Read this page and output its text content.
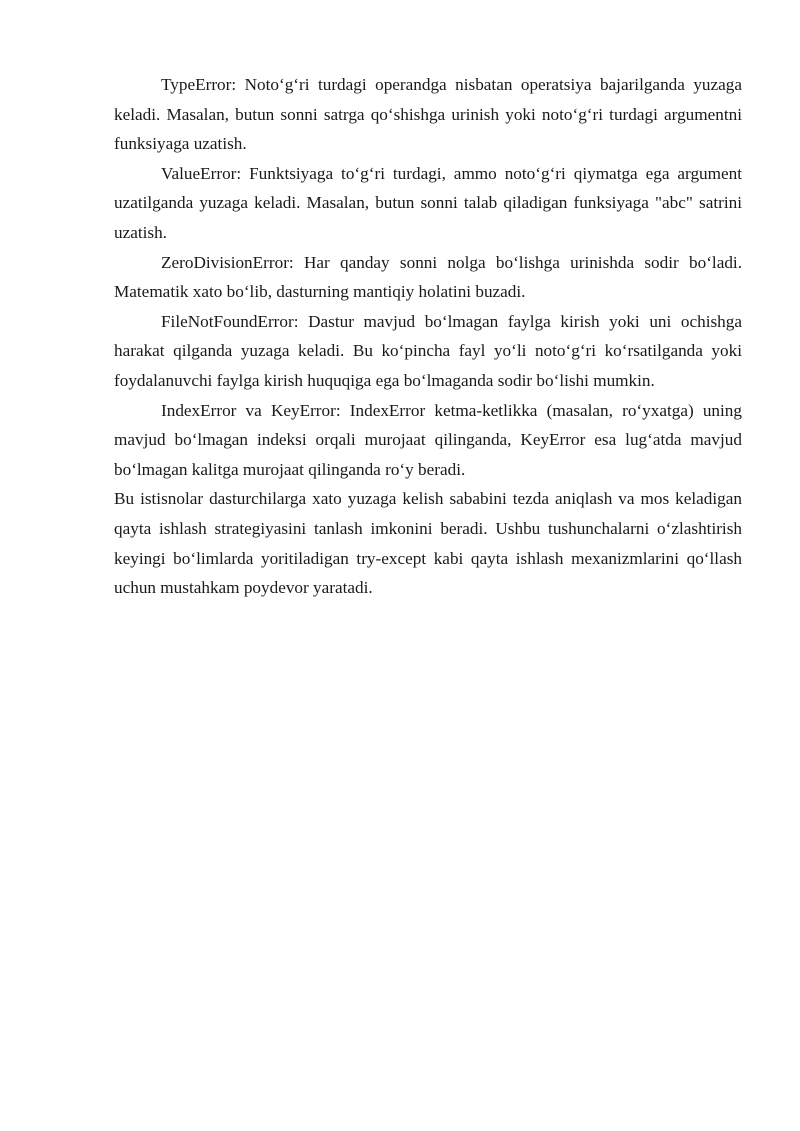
TypeError: Noto‘g‘ri turdagi operandga nisbatan operatsiya bajarilganda yuzaga keladi. Masalan, butun sonni satrga qo‘shishga urinish yoki noto‘g‘ri turdagi argumentni funksiyaga uzatish.

ValueError: Funktsiyaga to‘g‘ri turdagi, ammo noto‘g‘ri qiymatga ega argument uzatilganda yuzaga keladi. Masalan, butun sonni talab qiladigan funksiyaga "abc" satrini uzatish.

ZeroDivisionError: Har qanday sonni nolga bo‘lishga urinishda sodir bo‘ladi. Matematik xato bo‘lib, dasturning mantiqiy holatini buzadi.

FileNotFoundError: Dastur mavjud bo‘lmagan faylga kirish yoki uni ochishga harakat qilganda yuzaga keladi. Bu ko‘pincha fayl yo‘li noto‘g‘ri ko‘rsatilganda yoki foydalanuvchi faylga kirish huquqiga ega bo‘lmaganda sodir bo‘lishi mumkin.

IndexError va KeyError: IndexError ketma-ketlikka (masalan, ro‘yxatga) uning mavjud bo‘lmagan indeksi orqali murojaat qilinganda, KeyError esa lug‘atda mavjud bo‘lmagan kalitga murojaat qilinganda ro‘y beradi.

Bu istisnolar dasturchilarga xato yuzaga kelish sababini tezda aniqlash va mos keladigan qayta ishlash strategiyasini tanlash imkonini beradi. Ushbu tushunchalarni o‘zlashtirish keyingi bo‘limlarda yoritiladigan try-except kabi qayta ishlash mexanizmlarini qo‘llash uchun mustahkam poydevor yaratadi.
